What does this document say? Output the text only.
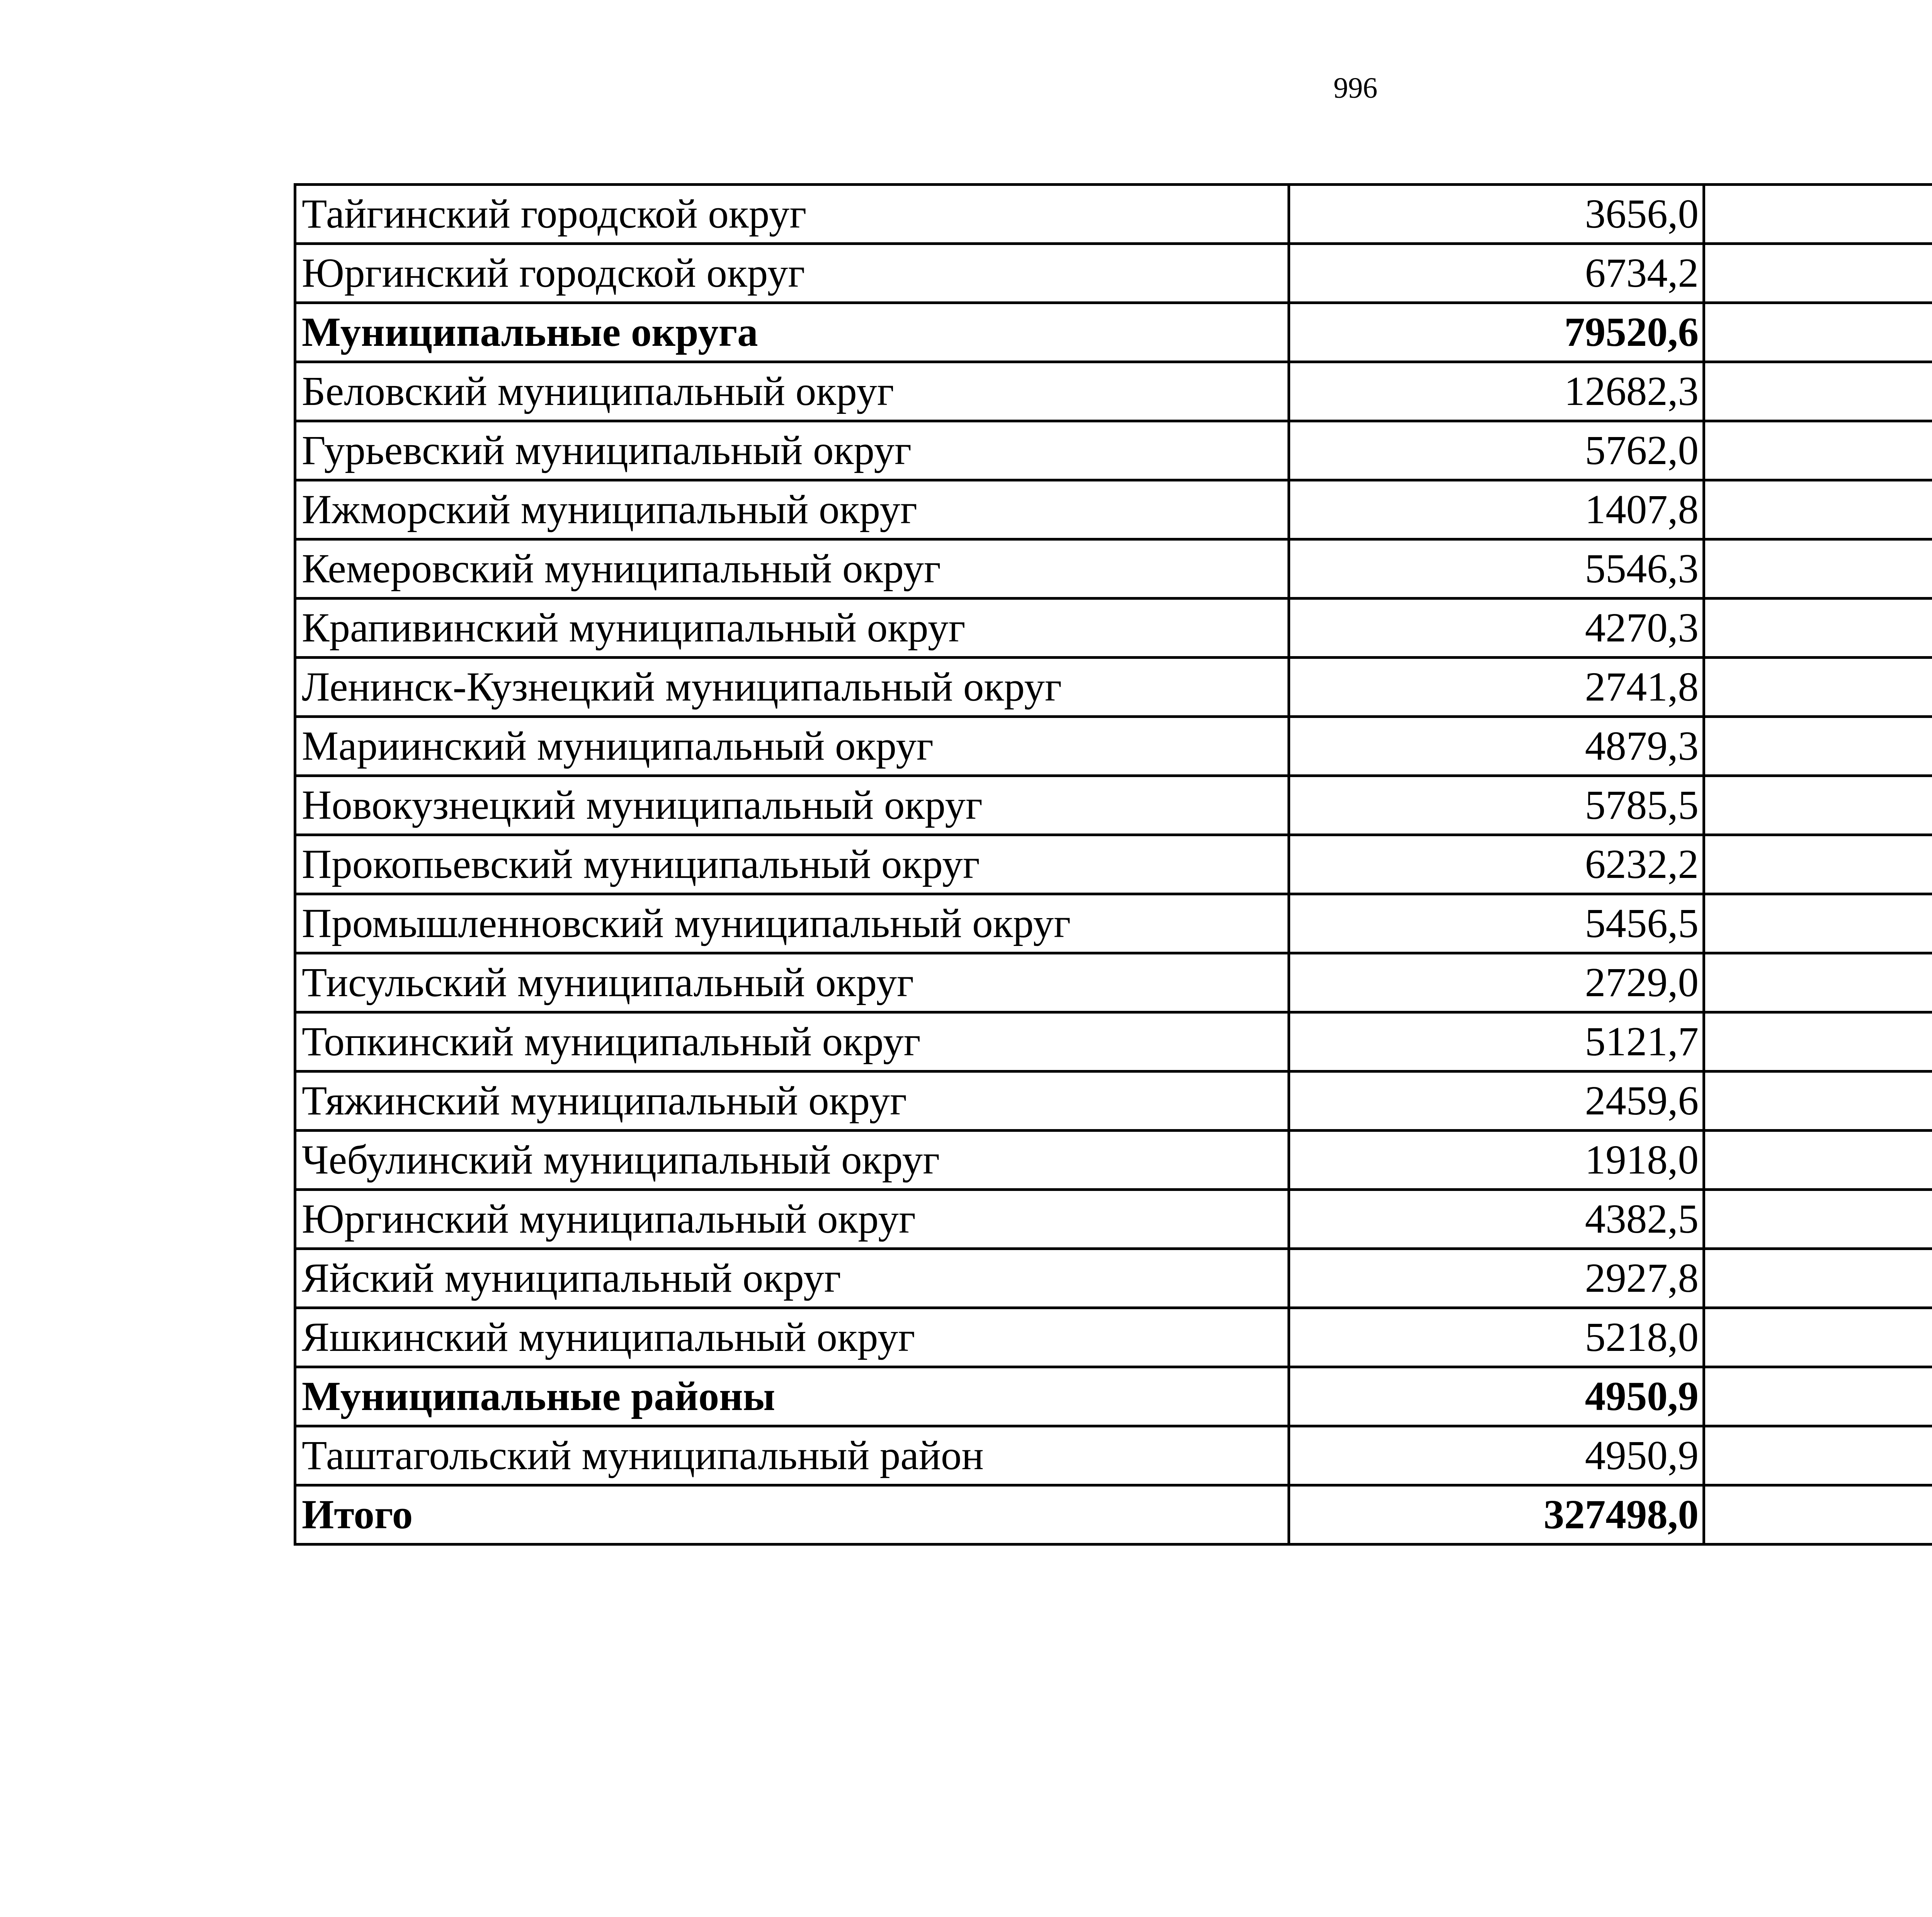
996
Тайгинский городской округ	3656,0		
Юргинский городской округ	6734,2		
Муниципальные округа	79520,6		
Беловский муниципальный округ	12682,3		
Гурьевский муниципальный округ	5762,0		
Ижморский муниципальный округ	1407,8		
Кемеровский муниципальный округ	5546,3		
Крапивинский муниципальный округ	4270,3		
Ленинск-Кузнецкий муниципальный округ	2741,8		
Мариинский муниципальный округ	4879,3		
Новокузнецкий муниципальный округ	5785,5		
Прокопьевский муниципальный округ	6232,2		
Промышленновский муниципальный округ	5456,5		
Тисульский муниципальный округ	2729,0		
Топкинский муниципальный округ	5121,7		
Тяжинский муниципальный округ	2459,6		
Чебулинский муниципальный округ	1918,0		
Юргинский муниципальный округ	4382,5		
Яйский муниципальный округ	2927,8		
Яшкинский муниципальный округ	5218,0		
Муниципальные районы	4950,9		
Таштагольский муниципальный район	4950,9		
Итого	327498,0		
